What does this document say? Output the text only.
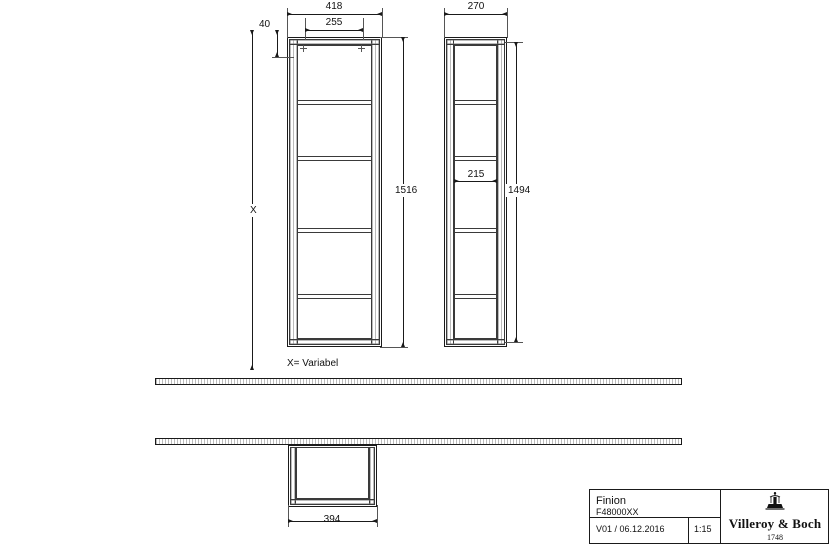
418
255
40
X
1516
X= Variabel
270
215
1494
394
Finion
F48000XX
V01 / 06.12.2016	1:15 Villeroy & Boch
1748
